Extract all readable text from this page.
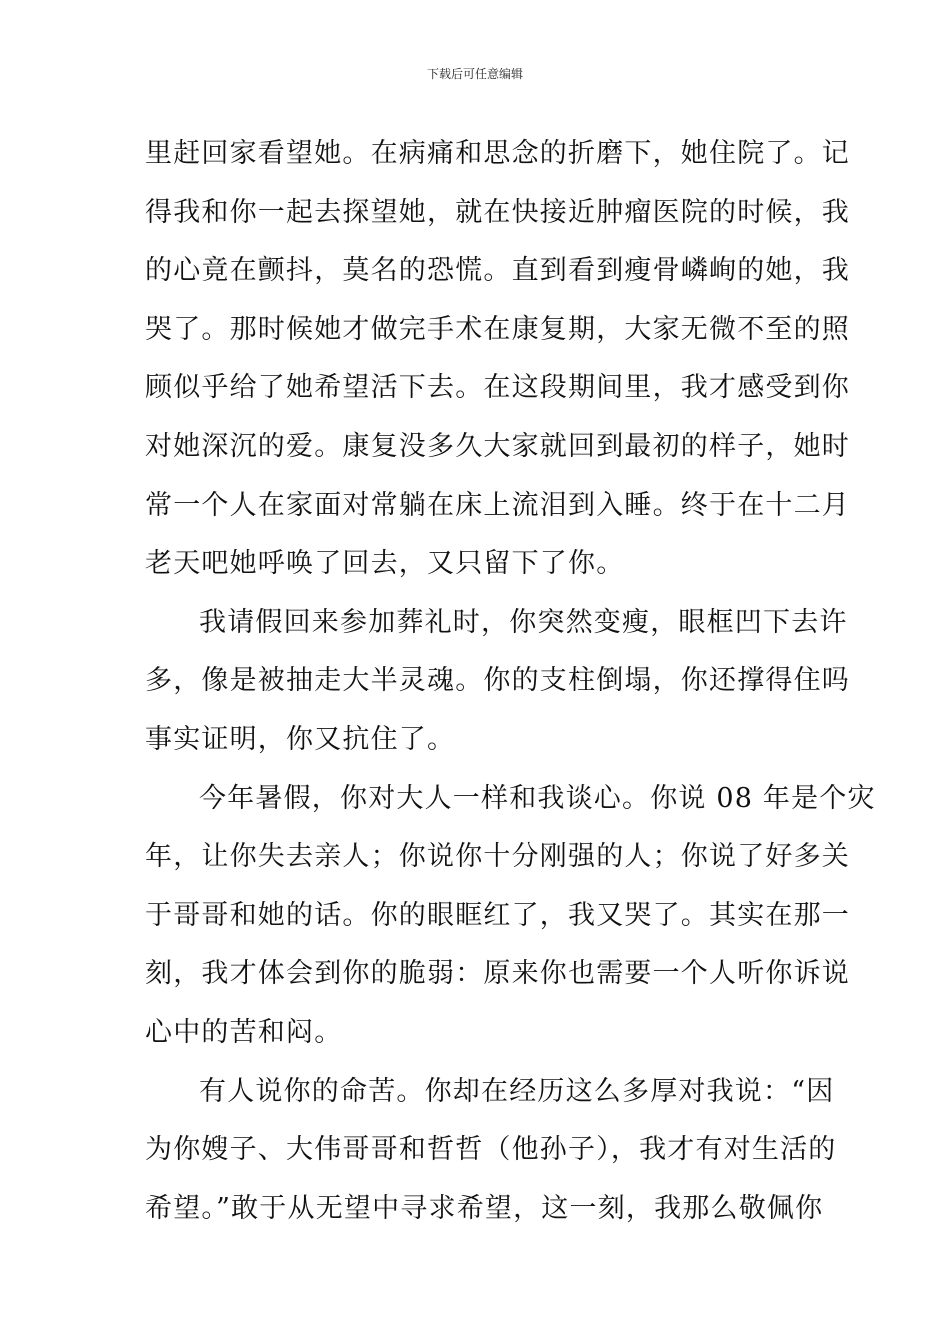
下载后可任意编辑
里赶回家看望她。在病痛和思念的折磨下，她住院了。记
得我和你一起去探望她，就在快接近肿瘤医院的时候，我
的心竟在颤抖，莫名的恐慌。直到看到瘦骨嶙峋的她，我
哭了。那时候她才做完手术在康复期，大家无微不至的照
顾似乎给了她希望活下去。在这段期间里，我才感受到你
对她深沉的爱。康复没多久大家就回到最初的样子，她时
常一个人在家面对常躺在床上流泪到入睡。终于在十二月
老天吧她呼唤了回去，又只留下了你。
我请假回来参加葬礼时，你突然变瘦，眼框凹下去许
多，像是被抽走大半灵魂。你的支柱倒塌，你还撑得住吗
事实证明，你又抗住了。
今年暑假，你对大人一样和我谈心。你说 08 年是个灾
年，让你失去亲人；你说你十分刚强的人；你说了好多关
于哥哥和她的话。你的眼眶红了，我又哭了。其实在那一
刻，我才体会到你的脆弱：原来你也需要一个人听你诉说
心中的苦和闷。
有人说你的命苦。你却在经历这么多厚对我说：“因
为你嫂子、大伟哥哥和哲哲（他孙子），我才有对生活的
希望。”敢于从无望中寻求希望，这一刻，我那么敬佩你
